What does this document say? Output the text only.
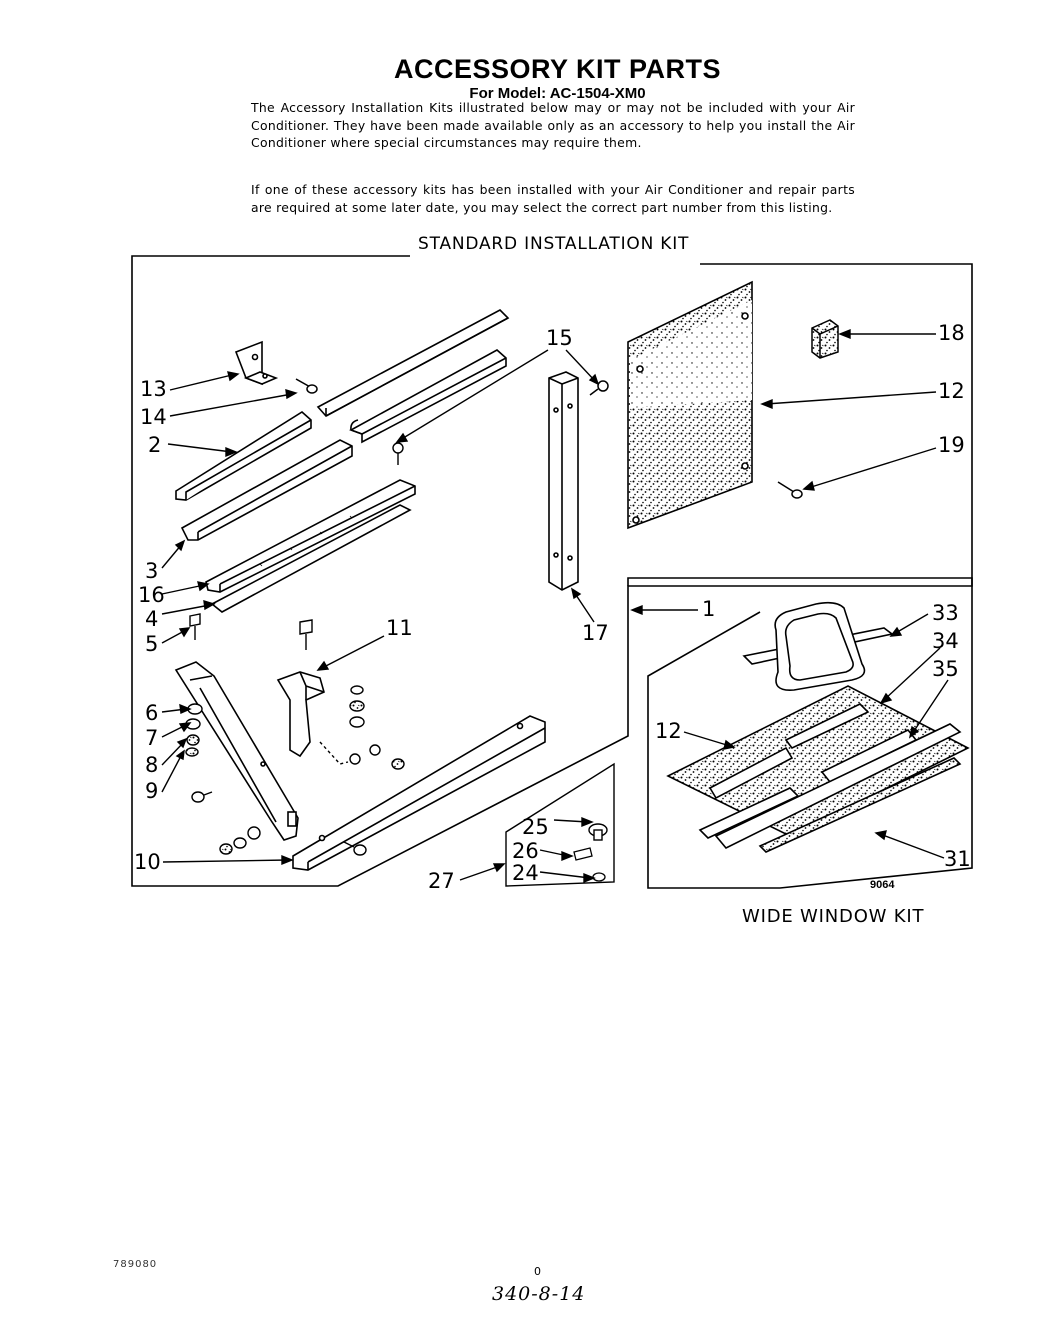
ACCESSORY KIT PARTS
For Model: AC-1504-XM0
The Accessory Installation Kits illustrated below may or may not be included with your Air Conditioner. They have been made available only as an accessory to help you install the Air Conditioner where special circumstances may require them.
If one of these accessory kits has been installed with your Air Conditioner and repair parts are required at some later date, you may select the correct part number from this listing.
STANDARD INSTALLATION KIT
13
14
2
3
16
4
5
6
7
8
9
10
11
15
17
18
12
19
1
25
26
24
27
33
34
35
12
31
9064
WIDE WINDOW KIT
789080
0
340-8-14
